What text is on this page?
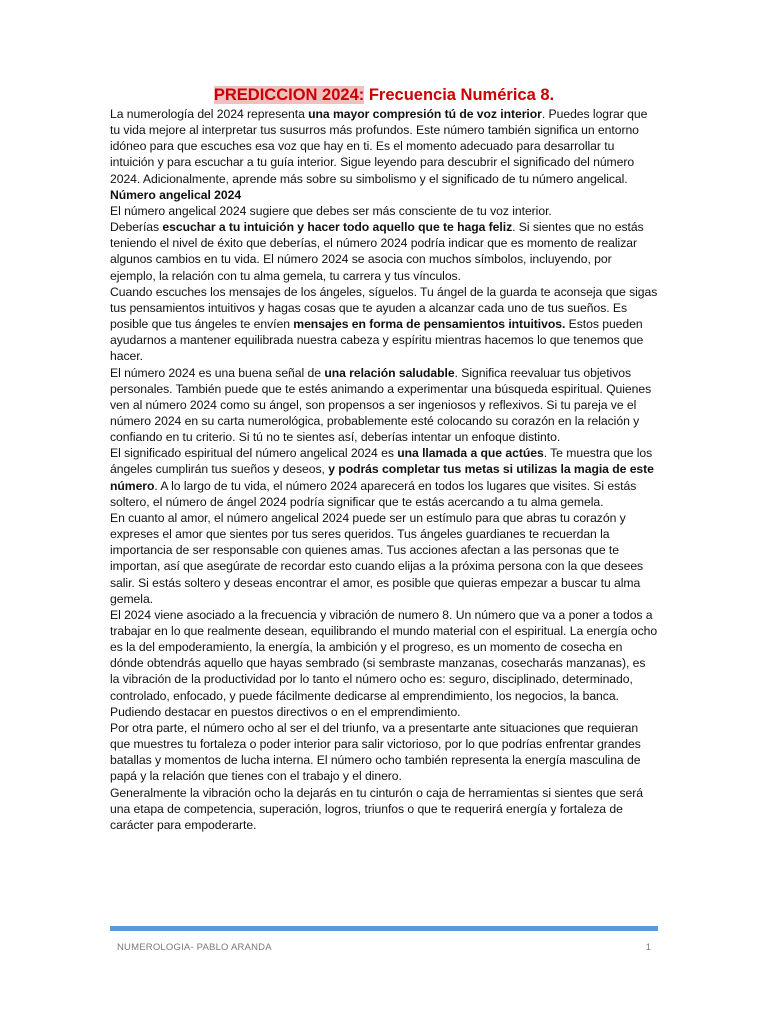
PREDICCION 2024: Frecuencia Numérica 8.

La numerología del 2024 representa una mayor compresión tú de voz interior. Puedes lograr que tu vida mejore al interpretar tus susurros más profundos. Este número también significa un entorno idóneo para que escuches esa voz que hay en ti. Es el momento adecuado para desarrollar tu intuición y para escuchar a tu guía interior. Sigue leyendo para descubrir el significado del número 2024. Adicionalmente, aprende más sobre su simbolismo y el significado de tu número angelical.

Número angelical 2024

El número angelical 2024 sugiere que debes ser más consciente de tu voz interior.

Deberías escuchar a tu intuición y hacer todo aquello que te haga feliz. Si sientes que no estás teniendo el nivel de éxito que deberías, el número 2024 podría indicar que es momento de realizar algunos cambios en tu vida. El número 2024 se asocia con muchos símbolos, incluyendo, por ejemplo, la relación con tu alma gemela, tu carrera y tus vínculos.

Cuando escuches los mensajes de los ángeles, síguelos. Tu ángel de la guarda te aconseja que sigas tus pensamientos intuitivos y hagas cosas que te ayuden a alcanzar cada uno de tus sueños. Es posible que tus ángeles te envíen mensajes en forma de pensamientos intuitivos. Estos pueden ayudarnos a mantener equilibrada nuestra cabeza y espíritu mientras hacemos lo que tenemos que hacer.

El número 2024 es una buena señal de una relación saludable. Significa reevaluar tus objetivos personales. También puede que te estés animando a experimentar una búsqueda espiritual. Quienes ven al número 2024 como su ángel, son propensos a ser ingeniosos y reflexivos. Si tu pareja ve el número 2024 en su carta numerológica, probablemente esté colocando su corazón en la relación y confiando en tu criterio. Si tú no te sientes así, deberías intentar un enfoque distinto.

El significado espiritual del número angelical 2024 es una llamada a que actúes. Te muestra que los ángeles cumplirán tus sueños y deseos, y podrás completar tus metas si utilizas la magia de este número. A lo largo de tu vida, el número 2024 aparecerá en todos los lugares que visites. Si estás soltero, el número de ángel 2024 podría significar que te estás acercando a tu alma gemela.

En cuanto al amor, el número angelical 2024 puede ser un estímulo para que abras tu corazón y expreses el amor que sientes por tus seres queridos. Tus ángeles guardianes te recuerdan la importancia de ser responsable con quienes amas. Tus acciones afectan a las personas que te importan, así que asegúrate de recordar esto cuando elijas a la próxima persona con la que desees salir. Si estás soltero y deseas encontrar el amor, es posible que quieras empezar a buscar tu alma gemela.

El 2024 viene asociado a la frecuencia y vibración de numero 8. Un número que va a poner a todos a trabajar en lo que realmente desean, equilibrando el mundo material con el espiritual. La energía ocho es la del empoderamiento, la energía, la ambición y el progreso, es un momento de cosecha en dónde obtendrás aquello que hayas sembrado (si sembraste manzanas, cosecharás manzanas), es la vibración de la productividad por lo tanto el número ocho es: seguro, disciplinado, determinado, controlado, enfocado, y puede fácilmente dedicarse al emprendimiento, los negocios, la banca. Pudiendo destacar en puestos directivos o en el emprendimiento.

Por otra parte, el número ocho al ser el del triunfo, va a presentarte ante situaciones que requieran que muestres tu fortaleza o poder interior para salir victorioso, por lo que podrías enfrentar grandes batallas y momentos de lucha interna. El número ocho también representa la energía masculina de papá y la relación que tienes con el trabajo y el dinero.

Generalmente la vibración ocho la dejarás en tu cinturón o caja de herramientas si sientes que será una etapa de competencia, superación, logros, triunfos o que te requerirá energía y fortaleza de carácter para empoderarte.

NUMEROLOGIA- PABLO ARANDA	1
